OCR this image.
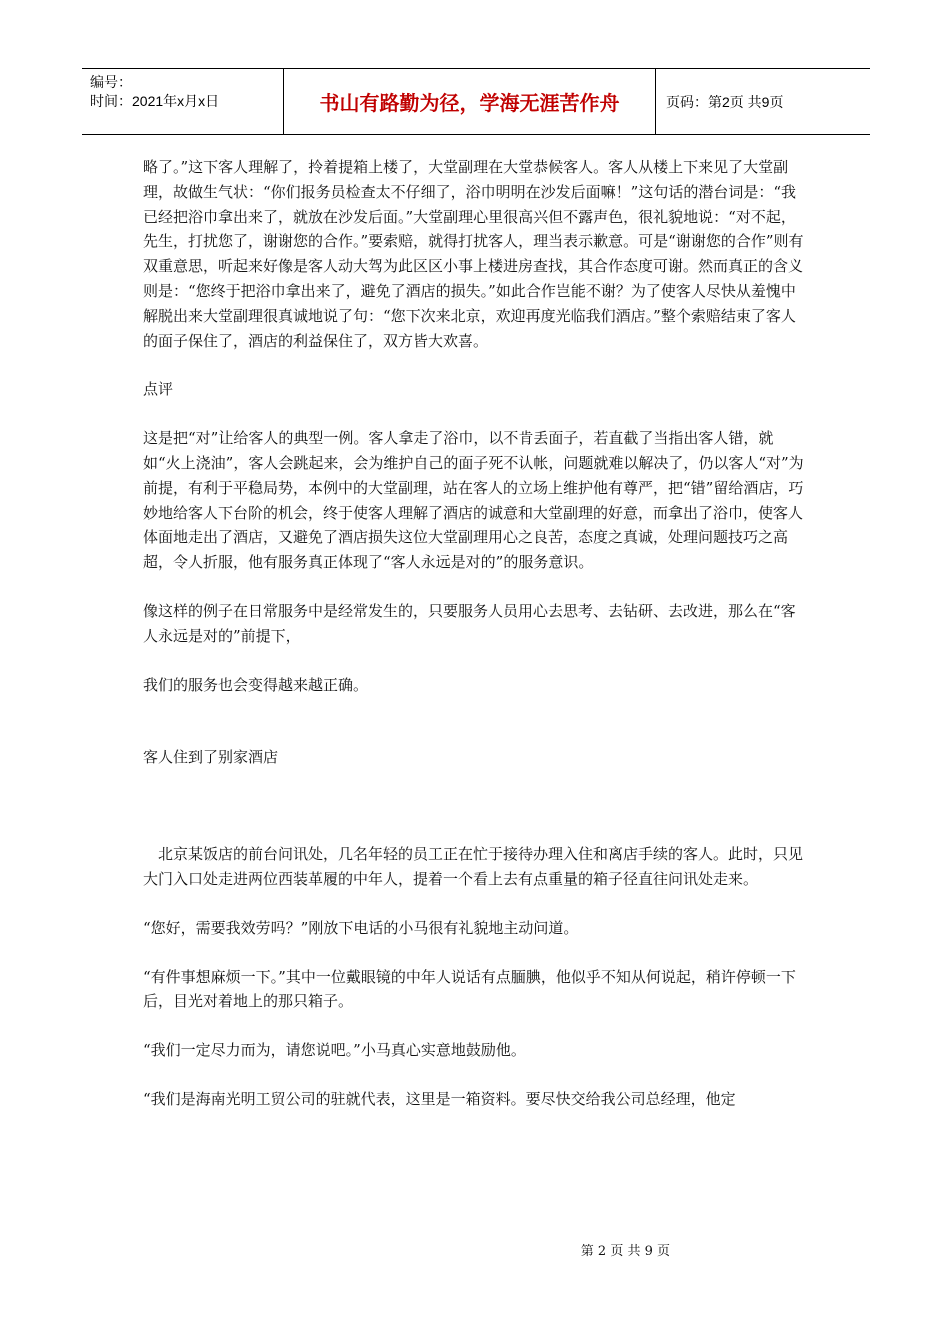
编号：
时间：2021年x月x日	书山有路勤为径，学海无涯苦作舟	页码：第2页 共9页

略了。”这下客人理解了，拎着提箱上楼了，大堂副理在大堂恭候客人。客人从楼上下来见了大堂副理，故做生气状：“你们报务员检查太不仔细了，浴巾明明在沙发后面嘛！”这句话的潜台词是：“我已经把浴巾拿出来了，就放在沙发后面。”大堂副理心里很高兴但不露声色，很礼貌地说：“对不起，先生，打扰您了，谢谢您的合作。”要索赔，就得打扰客人，理当表示歉意。可是“谢谢您的合作”则有双重意思，听起来好像是客人动大驾为此区区小事上楼进房查找，其合作态度可谢。然而真正的含义则是：“您终于把浴巾拿出来了，避免了酒店的损失。”如此合作岂能不谢？为了使客人尽快从羞愧中解脱出来大堂副理很真诚地说了句：“您下次来北京，欢迎再度光临我们酒店。”整个索赔结束了客人的面子保住了，酒店的利益保住了，双方皆大欢喜。

点评

这是把“对”让给客人的典型一例。客人拿走了浴巾，以不肯丢面子，若直截了当指出客人错，就如“火上浇油”，客人会跳起来，会为维护自己的面子死不认帐，问题就难以解决了，仍以客人“对”为前提，有利于平稳局势，本例中的大堂副理，站在客人的立场上维护他有尊严，把“错”留给酒店，巧妙地给客人下台阶的机会，终于使客人理解了酒店的诚意和大堂副理的好意，而拿出了浴巾，使客人体面地走出了酒店，又避免了酒店损失这位大堂副理用心之良苦，态度之真诚，处理问题技巧之高超，令人折服，他有服务真正体现了“客人永远是对的”的服务意识。

像这样的例子在日常服务中是经常发生的，只要服务人员用心去思考、去钻研、去改进，那么在“客人永远是对的”前提下，

我们的服务也会变得越来越正确。

客人住到了别家酒店

北京某饭店的前台问讯处，几名年轻的员工正在忙于接待办理入住和离店手续的客人。此时，只见大门入口处走进两位西装革履的中年人，提着一个看上去有点重量的箱子径直往问讯处走来。

“您好，需要我效劳吗？”刚放下电话的小马很有礼貌地主动问道。

“有件事想麻烦一下。”其中一位戴眼镜的中年人说话有点腼腆，他似乎不知从何说起，稍许停顿一下后，目光对着地上的那只箱子。

“我们一定尽力而为，请您说吧。”小马真心实意地鼓励他。

“我们是海南光明工贸公司的驻就代表，这里是一箱资料。要尽快交给我公司总经理，他定

第 2 页 共 9 页
